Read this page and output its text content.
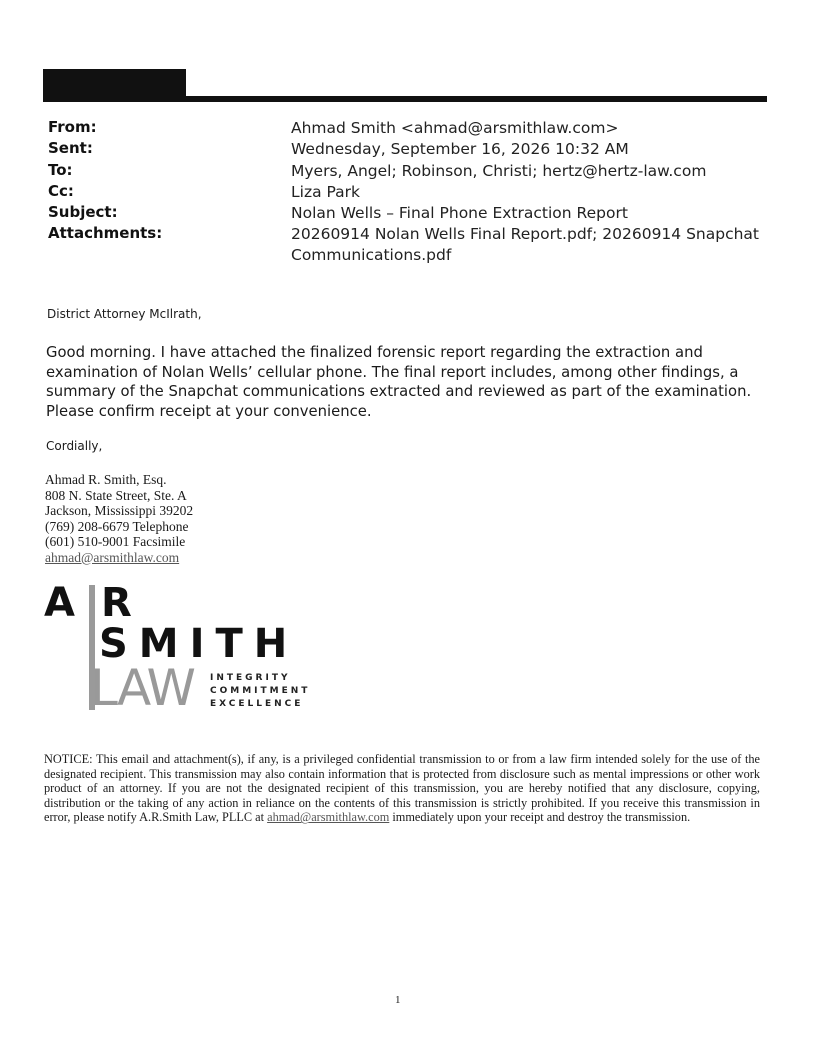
From:	Ahmad Smith <ahmad@arsmithlaw.com>
Sent:	Wednesday, September 16, 2026 10:32 AM
To:	Myers, Angel; Robinson, Christi; hertz@hertz-law.com
Cc:	Liza Park
Subject:	Nolan Wells – Final Phone Extraction Report
Attachments:	20260914 Nolan Wells Final Report.pdf; 20260914 Snapchat Communications.pdf
District Attorney McIlrath,
Good morning. I have attached the finalized forensic report regarding the extraction and examination of Nolan Wells’ cellular phone. The final report includes, among other findings, a summary of the Snapchat communications extracted and reviewed as part of the examination. Please confirm receipt at your convenience.
Cordially,
Ahmad R. Smith, Esq.
808 N. State Street, Ste. A
Jackson, Mississippi 39202
(769) 208-6679 Telephone
(601) 510-9001 Facsimile
ahmad@arsmithlaw.com
A R
SMITH
LAW INTEGRITY
COMMITMENT
EXCELLENCE
NOTICE: This email and attachment(s), if any, is a privileged confidential transmission to or from a law firm intended solely for the use of the designated recipient. This transmission may also contain information that is protected from disclosure such as mental impressions or other work product of an attorney. If you are not the designated recipient of this transmission, you are hereby notified that any disclosure, copying, distribution or the taking of any action in reliance on the contents of this transmission is strictly prohibited. If you receive this transmission in error, please notify A.R.Smith Law, PLLC at ahmad@arsmithlaw.com immediately upon your receipt and destroy the transmission.
1
